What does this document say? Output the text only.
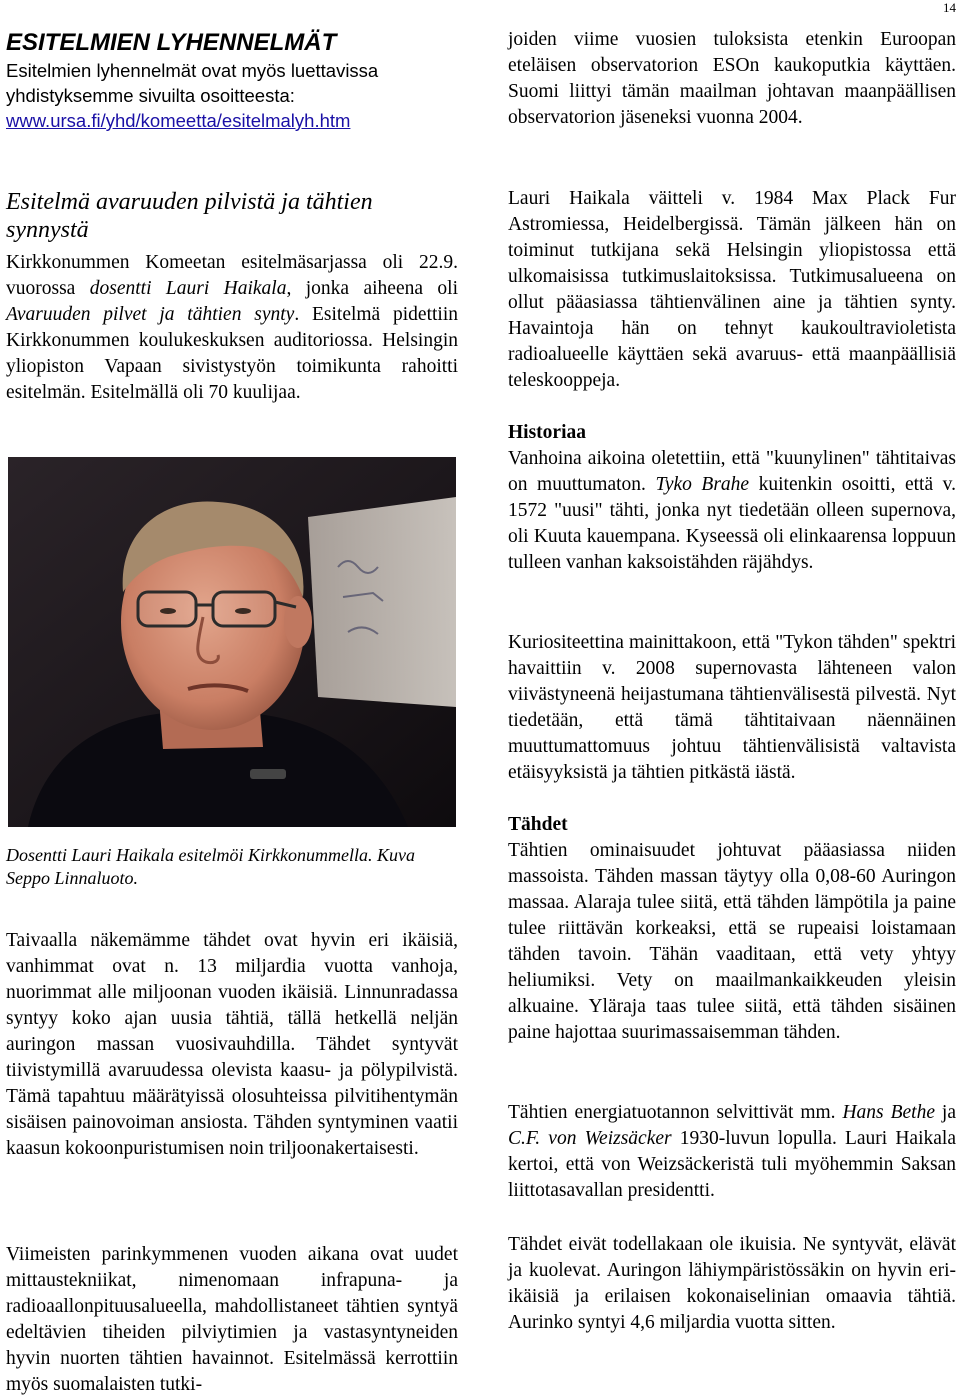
14

ESITELMIEN LYHENNELMÄT

Esitelmien lyhennelmät ovat myös luettavissa yhdistyksemme sivuilta osoitteesta:
www.ursa.fi/yhd/komeetta/esitelmalyh.htm

Esitelmä avaruuden pilvistä ja tähtien synnystä

Kirkkonummen Komeetan esitelmäsarjassa oli 22.9. vuorossa dosentti Lauri Haikala, jonka aiheena oli Avaruuden pilvet ja tähtien synty. Esitelmä pidettiin Kirkkonummen koulukeskuksen auditoriossa. Helsingin yliopiston Vapaan sivistystyön toimikunta rahoitti esitelmän. Esitelmällä oli 70 kuulijaa.

Dosentti Lauri Haikala esitelmöi Kirkkonummella. Kuva Seppo Linnaluoto.

Taivaalla näkemämme tähdet ovat hyvin eri ikäisiä, vanhimmat ovat n. 13 miljardia vuotta vanhoja, nuorimmat alle miljoonan vuoden ikäisiä. Linnunradassa syntyy koko ajan uusia tähtiä, tällä hetkellä neljän auringon massan vuosivauhdilla. Tähdet syntyvät tiivistymillä avaruudessa olevista kaasu- ja pölypilvistä. Tämä tapahtuu määrätyissä olosuhteissa pilvitihentymän sisäisen painovoiman ansiosta. Tähden syntyminen vaatii kaasun kokoonpuristumisen noin triljoonakertaisesti.

Viimeisten parinkymmenen vuoden aikana ovat uudet mittaustekniikat, nimenomaan infrapuna- ja radioaallonpituusalueella, mahdollistaneet tähtien syntyä edeltävien tiheiden pilviytimien ja vastasyntyneiden hyvin nuorten tähtien havainnot. Esitelmässä kerrottiin myös suomalaisten tutki-

joiden viime vuosien tuloksista etenkin Euroopan eteläisen observatorion ESOn kaukoputkia käyttäen. Suomi liittyi tämän maailman johtavan maanpäällisen observatorion jäseneksi vuonna 2004.

Lauri Haikala väitteli v. 1984 Max Plack Fur Astromiessa, Heidelbergissä. Tämän jälkeen hän on toiminut tutkijana sekä Helsingin yliopistossa että ulkomaisissa tutkimuslaitoksissa. Tutkimusalueena on ollut pääasiassa tähtienvälinen aine ja tähtien synty. Havaintoja hän on tehnyt kaukoultravioletista radioalueelle käyttäen sekä avaruus- että maanpäällisiä teleskooppeja.

Historiaa

Vanhoina aikoina oletettiin, että "kuunylinen" tähtitaivas on muuttumaton. Tyko Brahe kuitenkin osoitti, että v. 1572 "uusi" tähti, jonka nyt tiedetään olleen supernova, oli Kuuta kauempana. Kyseessä oli elinkaarensa loppuun tulleen vanhan kaksoistähden räjähdys.

Kuriositeettina mainittakoon, että "Tykon tähden" spektri havaittiin v. 2008 supernovasta lähteneen valon viivästyneenä heijastumana tähtienvälisestä pilvestä. Nyt tiedetään, että tämä tähtitaivaan näennäinen muuttumattomuus johtuu tähtienvälisistä valtavista etäisyyksistä ja tähtien pitkästä iästä.

Tähdet

Tähtien ominaisuudet johtuvat pääasiassa niiden massoista. Tähden massan täytyy olla 0,08-60 Auringon massaa. Alaraja tulee siitä, että tähden lämpötila ja paine tulee riittävän korkeaksi, että se rupeaisi loistamaan tähden tavoin. Tähän vaaditaan, että vety yhtyy heliumiksi. Vety on maailmankaikkeuden yleisin alkuaine. Yläraja taas tulee siitä, että tähden sisäinen paine hajottaa suurimassaisemman tähden.

Tähtien energiatuotannon selvittivät mm. Hans Bethe ja C.F. von Weizsäcker 1930-luvun lopulla. Lauri Haikala kertoi, että von Weizsäckeristä tuli myöhemmin Saksan liittotasavallan presidentti.

Tähdet eivät todellakaan ole ikuisia. Ne syntyvät, elävät ja kuolevat. Auringon lähiympäristössäkin on hyvin eri-ikäisiä ja erilaisen kokonaiselinian omaavia tähtiä. Aurinko syntyi 4,6 miljardia vuotta sitten.
